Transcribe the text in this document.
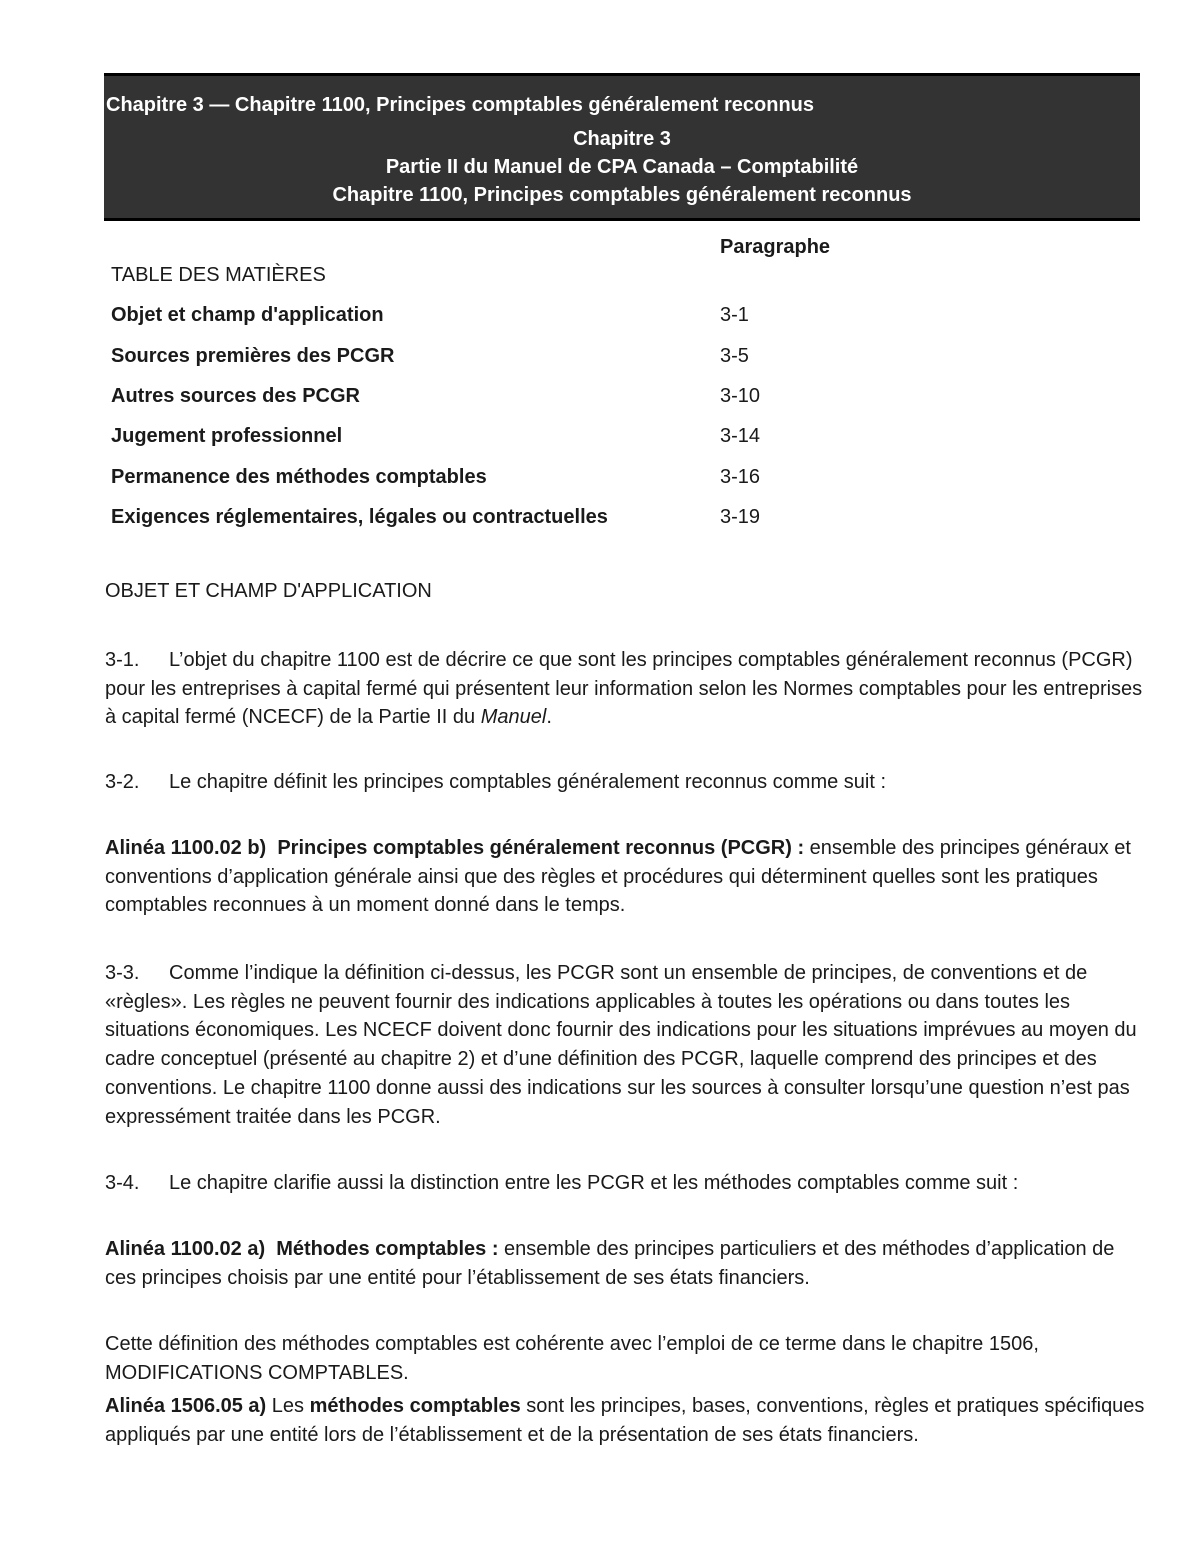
Chapitre 3 — Chapitre 1100, Principes comptables généralement reconnus
Chapitre 3
Partie II du Manuel de CPA Canada – Comptabilité
Chapitre 1100, Principes comptables généralement reconnus
Paragraphe
TABLE DES MATIÈRES
Objet et champ d'application	3-1
Sources premières des PCGR	3-5
Autres sources des PCGR	3-10
Jugement professionnel	3-14
Permanence des méthodes comptables	3-16
Exigences réglementaires, légales ou contractuelles	3-19
OBJET ET CHAMP D'APPLICATION
3-1. L’objet du chapitre 1100 est de décrire ce que sont les principes comptables généralement reconnus (PCGR) pour les entreprises à capital fermé qui présentent leur information selon les Normes comptables pour les entreprises à capital fermé (NCECF) de la Partie II du Manuel.
3-2. Le chapitre définit les principes comptables généralement reconnus comme suit :
Alinéa 1100.02 b) Principes comptables généralement reconnus (PCGR) : ensemble des principes généraux et conventions d’application générale ainsi que des règles et procédures qui déterminent quelles sont les pratiques comptables reconnues à un moment donné dans le temps.
3-3. Comme l’indique la définition ci-dessus, les PCGR sont un ensemble de principes, de conventions et de «règles». Les règles ne peuvent fournir des indications applicables à toutes les opérations ou dans toutes les situations économiques. Les NCECF doivent donc fournir des indications pour les situations imprévues au moyen du cadre conceptuel (présenté au chapitre 2) et d’une définition des PCGR, laquelle comprend des principes et des conventions. Le chapitre 1100 donne aussi des indications sur les sources à consulter lorsqu’une question n’est pas expressément traitée dans les PCGR.
3-4. Le chapitre clarifie aussi la distinction entre les PCGR et les méthodes comptables comme suit :
Alinéa 1100.02 a) Méthodes comptables : ensemble des principes particuliers et des méthodes d’application de ces principes choisis par une entité pour l’établissement de ses états financiers.
Cette définition des méthodes comptables est cohérente avec l’emploi de ce terme dans le chapitre 1506, MODIFICATIONS COMPTABLES.
Alinéa 1506.05 a) Les méthodes comptables sont les principes, bases, conventions, règles et pratiques spécifiques appliqués par une entité lors de l’établissement et de la présentation de ses états financiers.
